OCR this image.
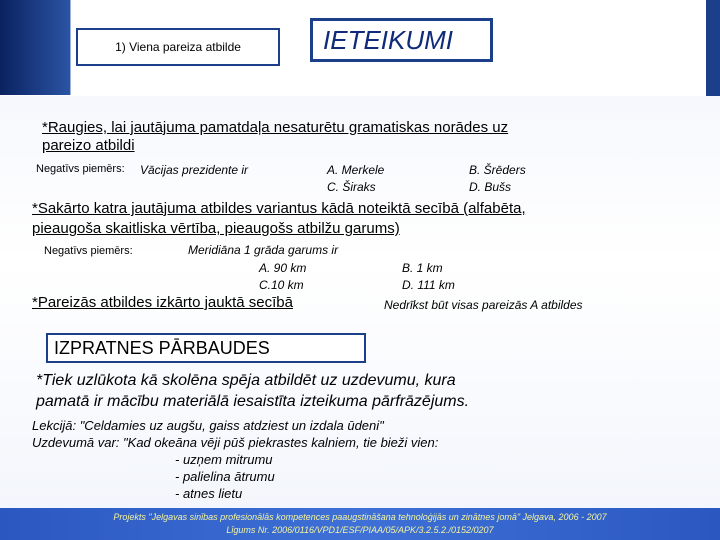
1) Viena pareiza atbilde	IETEIKUMI
*Raugies, lai jautājuma pamatdaļa nesaturētu gramatiskas norādes uz
pareizo atbildi
Negatīvs piemērs: Vācijas prezidente ir	A. Merkele	B. Šrēders
C. Širaks	D. Bušs
*Sakārto katra jautājuma atbildes variantus kādā noteiktā secībā (alfabēta,
pieaugoša skaitliska vērtība, pieaugošs atbilžu garums)
Negatīvs piemērs:	Meridiāna 1 grāda garums ir
A. 90 km	B. 1 km
C.10 km	D. 111 km
*Pareizās atbildes izkārto jauktā secībā	Nedrīkst būt visas pareizās A atbildes
IZPRATNES PĀRBAUDES
*Tiek uzlūkota kā skolēna spēja atbildēt uz uzdevumu, kura
pamatā ir mācību materiālā iesaistīta izteikuma pārfrāzējums.
Lekcijā: "Celdamies uz augšu, gaiss atdziest un izdala ūdeni"
Uzdevumā var: "Kad okeāna vēji pūš piekrastes kalniem, tie bieži vien:
- uzņem mitrumu
- palielina ātrumu
- atnes lietu
Projekts "Jelgavas sinības profesionālās kompetences paaugstināšana tehnoloģijās un zinātnes jomā" Jelgava, 2006 - 2007
Līgums Nr. 2006/0116/VPD1/ESF/PIAA/05/APK/3.2.5.2./0152/0207
